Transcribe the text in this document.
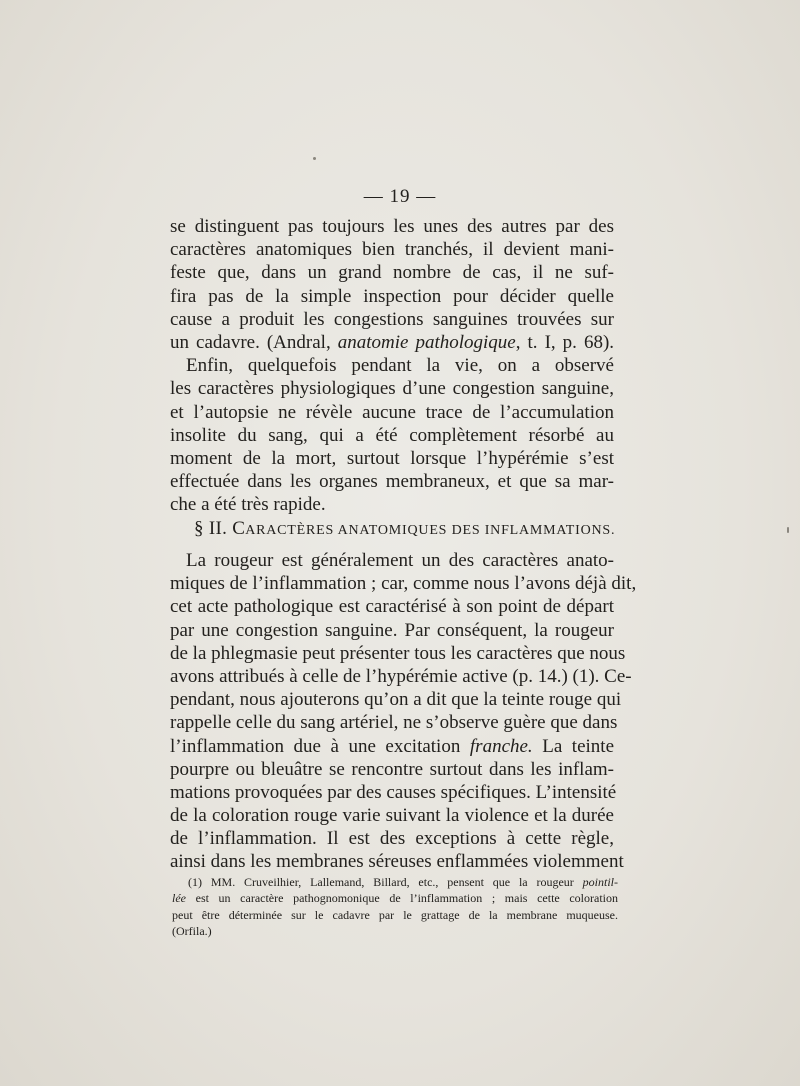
— 19 —
se distinguent pas toujours les unes des autres par des
caractères anatomiques bien tranchés, il devient mani-
feste que, dans un grand nombre de cas, il ne suf-
fira pas de la simple inspection pour décider quelle
cause a produit les congestions sanguines trouvées sur
un cadavre. (Andral, anatomie pathologique, t. I, p. 68).
Enfin, quelquefois pendant la vie, on a observé
les caractères physiologiques d’une congestion sanguine,
et l’autopsie ne révèle aucune trace de l’accumulation
insolite du sang, qui a été complètement résorbé au
moment de la mort, surtout lorsque l’hypérémie s’est
effectuée dans les organes membraneux, et que sa mar-
che a été très rapide.
§ II. CARACTÈRES ANATOMIQUES DES INFLAMMATIONS.
La rougeur est généralement un des caractères anato-
miques de l’inflammation ; car, comme nous l’avons déjà dit,
cet acte pathologique est caractérisé à son point de départ
par une congestion sanguine. Par conséquent, la rougeur
de la phlegmasie peut présenter tous les caractères que nous
avons attribués à celle de l’hypérémie active (p. 14.) (1). Ce-
pendant, nous ajouterons qu’on a dit que la teinte rouge qui
rappelle celle du sang artériel, ne s’observe guère que dans
l’inflammation due à une excitation franche. La teinte
pourpre ou bleuâtre se rencontre surtout dans les inflam-
mations provoquées par des causes spécifiques. L’intensité
de la coloration rouge varie suivant la violence et la durée
de l’inflammation. Il est des exceptions à cette règle,
ainsi dans les membranes séreuses enflammées violemment
(1) MM. Cruveilhier, Lallemand, Billard, etc., pensent que la rougeur pointil-
lée est un caractère pathognomonique de l’inflammation ; mais cette coloration
peut être déterminée sur le cadavre par le grattage de la membrane muqueuse.
(Orfila.)
